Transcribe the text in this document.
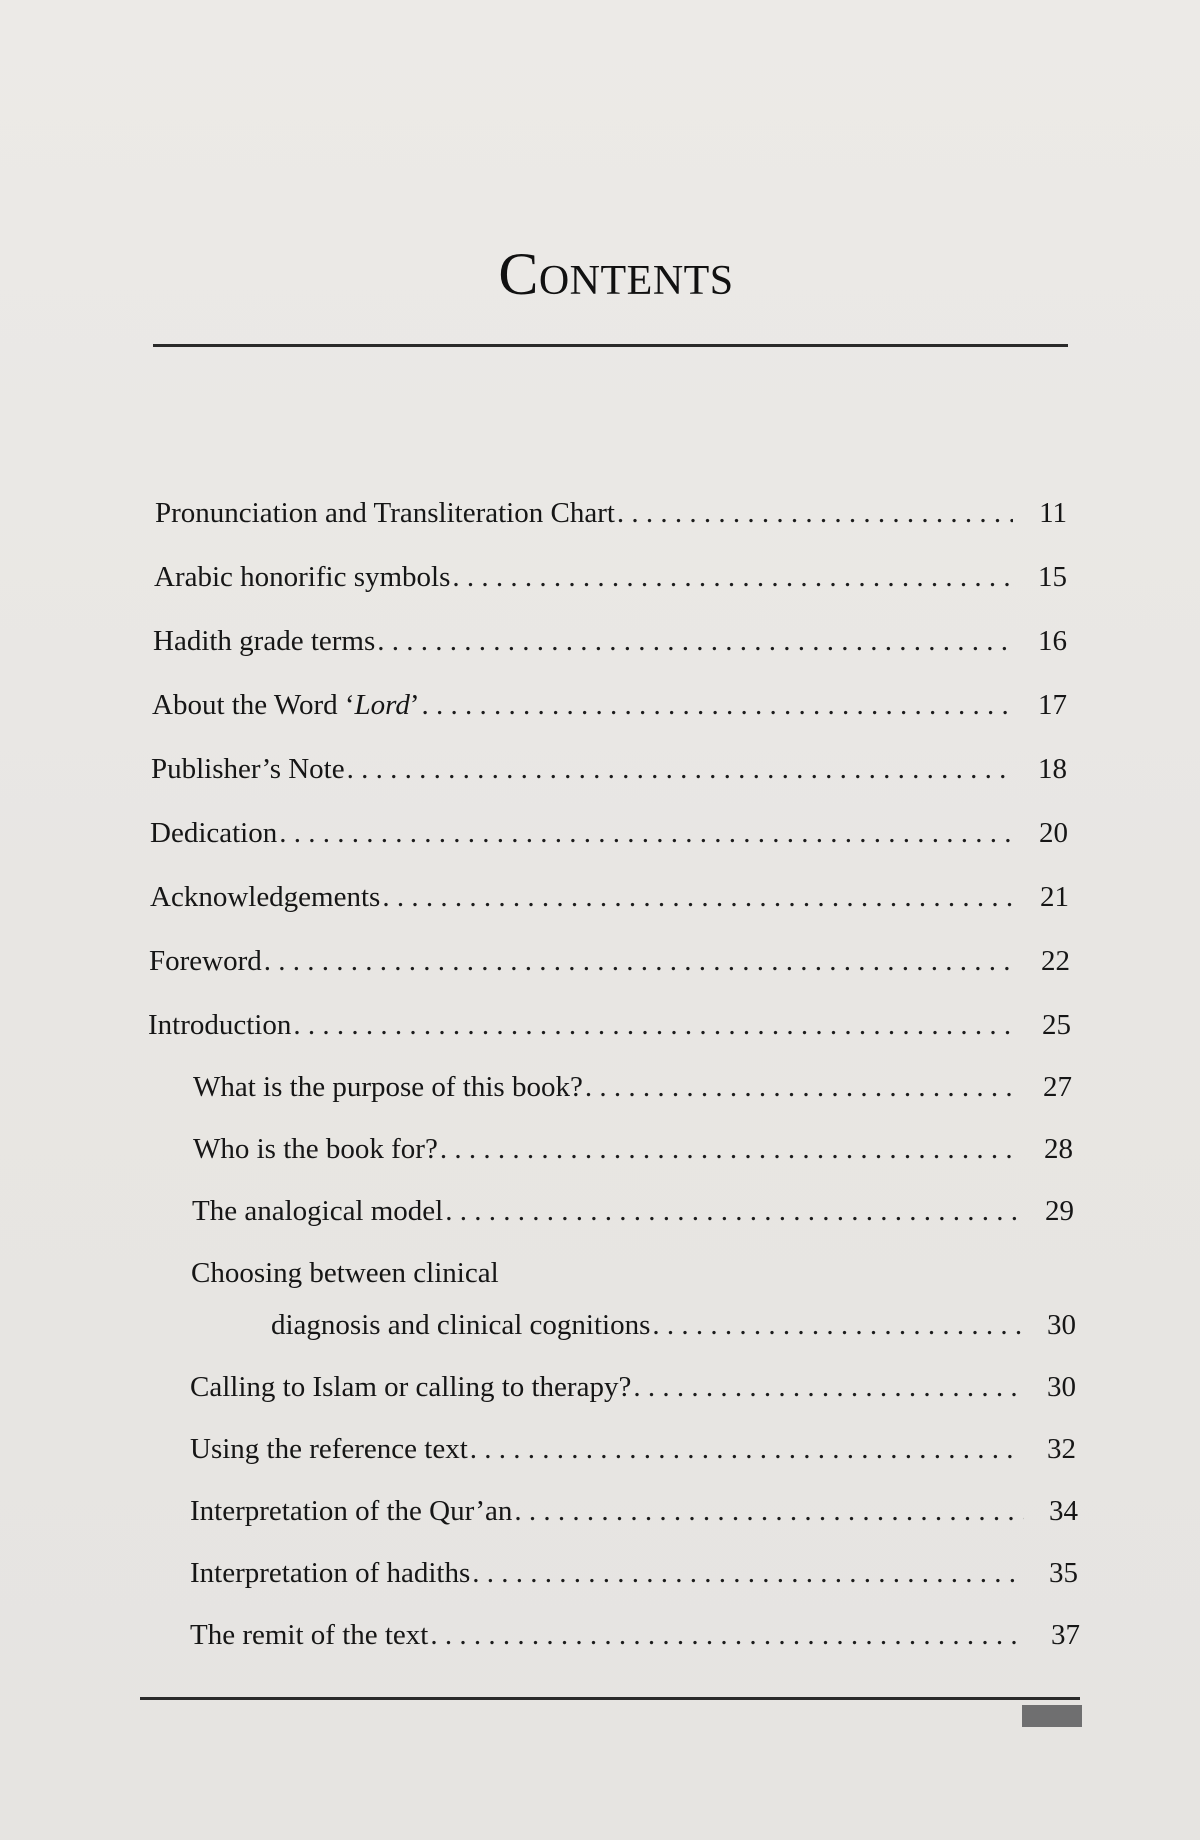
Contents
Pronunciation and Transliteration Chart . . .	11
Arabic honorific symbols . . .	15
Hadith grade terms . . .	16
About the Word ‘Lord’ . . .	17
Publisher’s Note . . .	18
Dedication . . .	20
Acknowledgements . . .	21
Foreword . . .	22
Introduction . . .	25
What is the purpose of this book? . . .	27
Who is the book for? . . .	28
The analogical model . . .	29
Choosing between clinical
diagnosis and clinical cognitions . . .	30
Calling to Islam or calling to therapy? . . .	30
Using the reference text . . .	32
Interpretation of the Qur’an . . .	34
Interpretation of hadiths . . .	35
The remit of the text . . .	37
